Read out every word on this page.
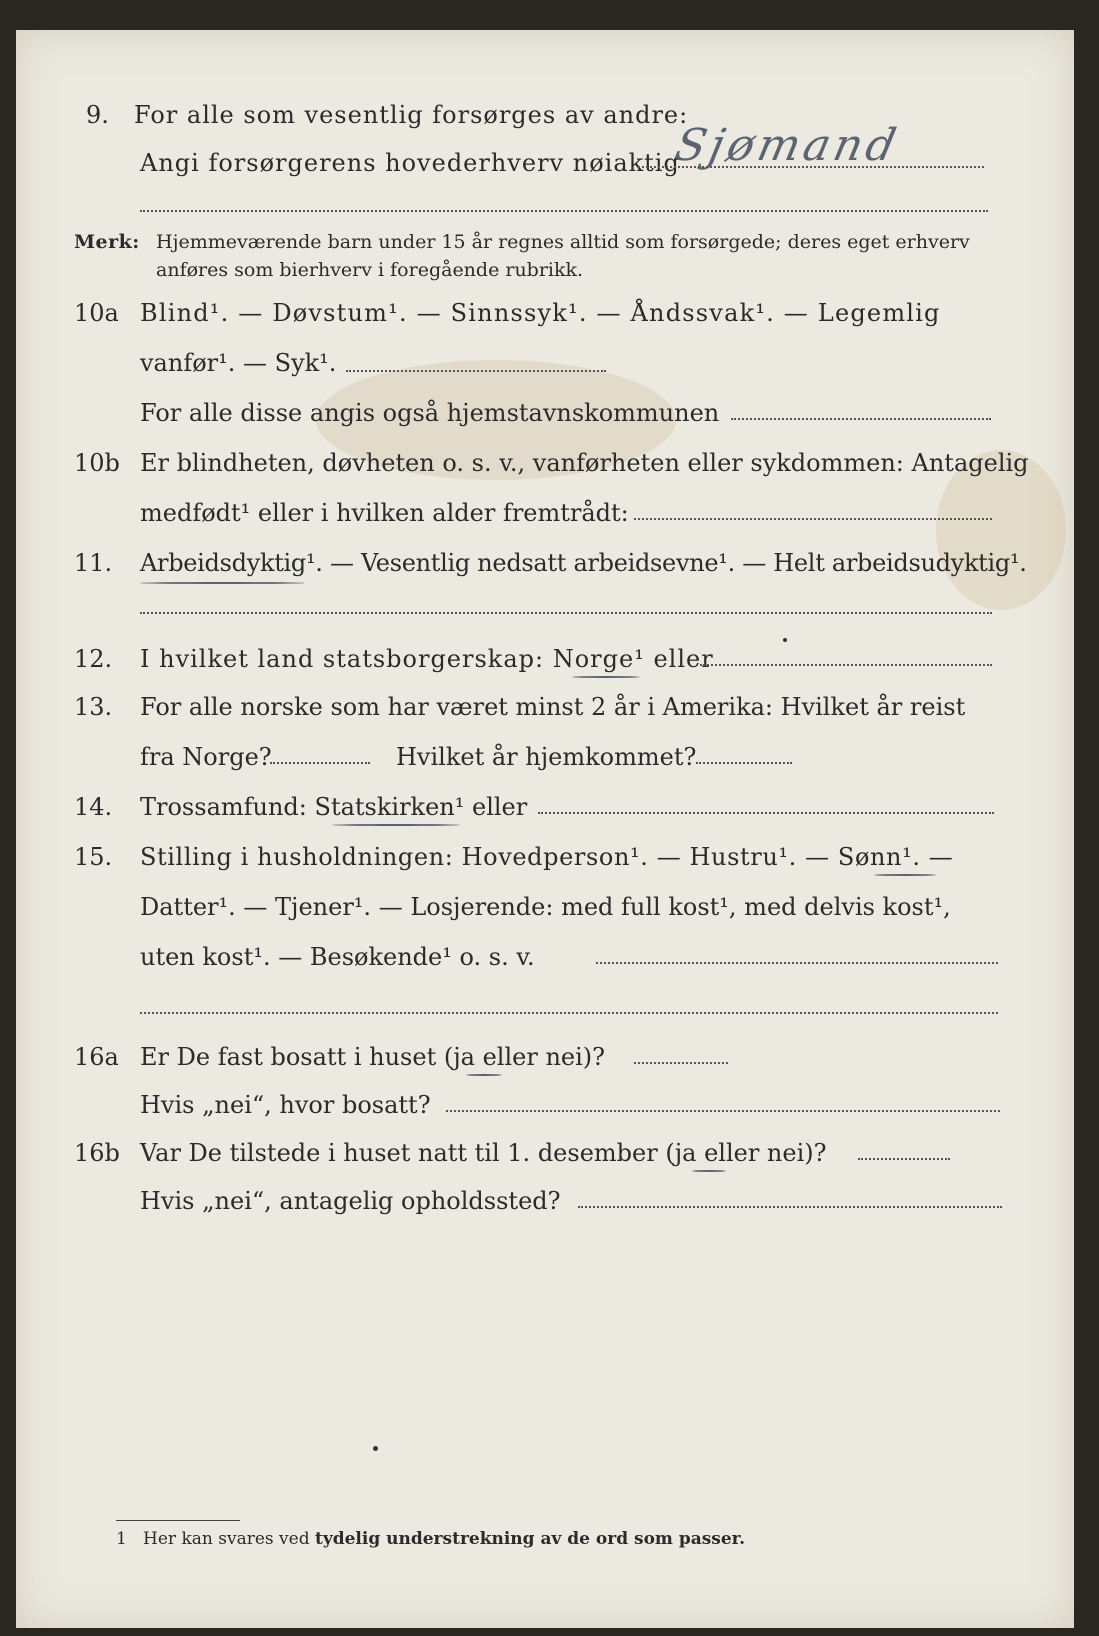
9. For alle som vesentlig forsørges av andre:
Sjømand
Angi forsørgerens hovederhverv nøiaktig
Merk: Hjemmeværende barn under 15 år regnes alltid som forsørgede; deres eget erhverv
anføres som bierhverv i foregående rubrikk.
10a Blind¹. — Døvstum¹. — Sinnssyk¹. — Åndssvak¹. — Legemlig
vanfør¹. — Syk¹.
For alle disse angis også hjemstavnskommunen
10b Er blindheten, døvheten o. s. v., vanførheten eller sykdommen: Antagelig
medfødt¹ eller i hvilken alder fremtrådt:
11. Arbeidsdyktig¹. — Vesentlig nedsatt arbeidsevne¹. — Helt arbeidsudyktig¹.
12. I hvilket land statsborgerskap: Norge¹ eller
13. For alle norske som har været minst 2 år i Amerika: Hvilket år reist
fra Norge?	Hvilket år hjemkommet?
14. Trossamfund: Statskirken¹ eller
15. Stilling i husholdningen: Hovedperson¹. — Hustru¹. — Sønn¹. —
Datter¹. — Tjener¹. — Losjerende: med full kost¹, med delvis kost¹,
uten kost¹. — Besøkende¹ o. s. v.
16a Er De fast bosatt i huset (ja eller nei)?
Hvis „nei“, hvor bosatt?
16b Var De tilstede i huset natt til 1. desember (ja eller nei)?
Hvis „nei“, antagelig opholdssted?
1 Her kan svares ved tydelig understrekning av de ord som passer.
